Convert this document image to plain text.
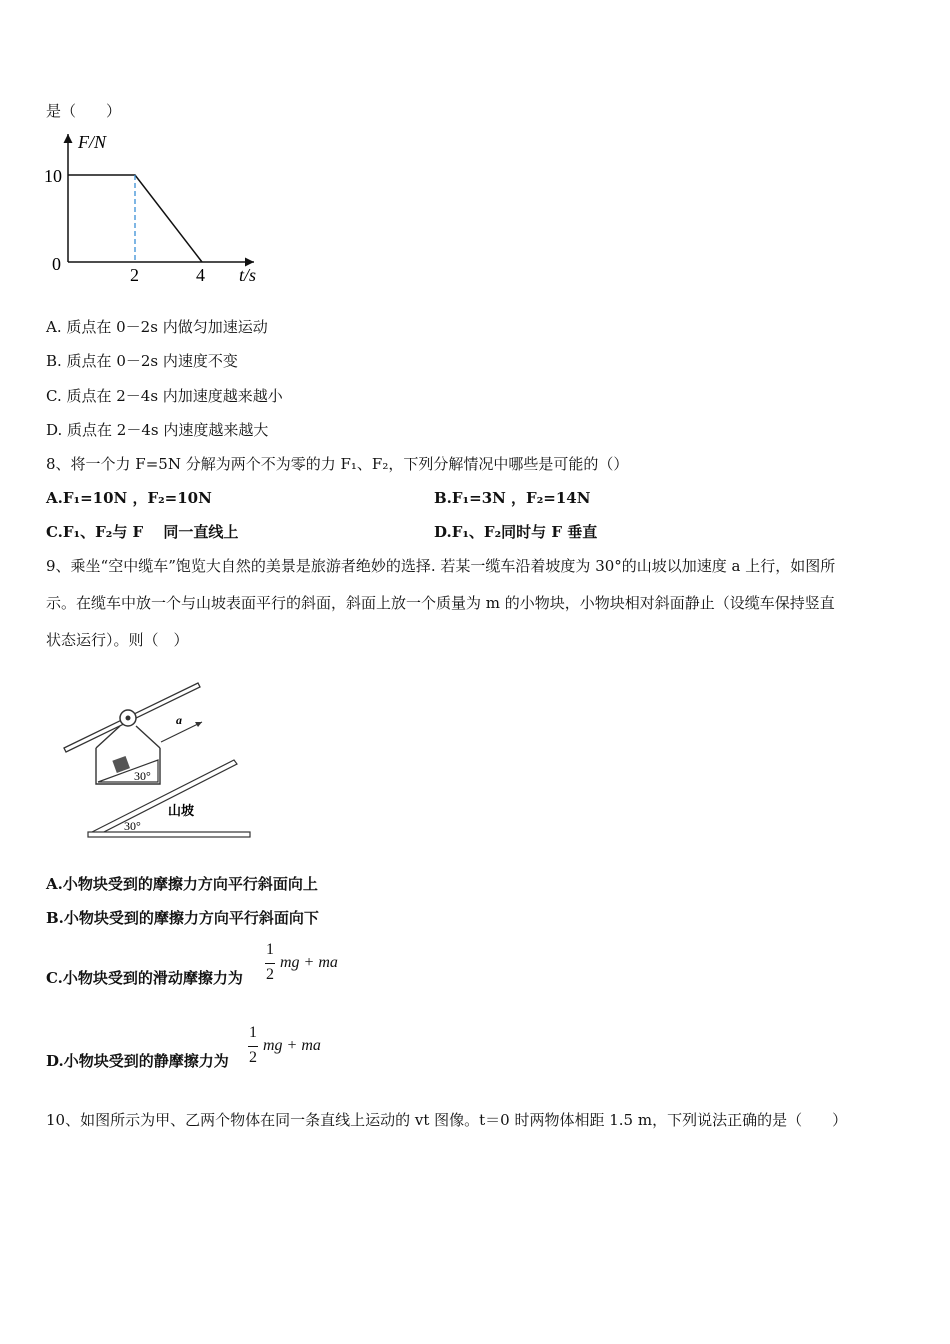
是（　　）
F/N
10
0
2	4 t/s
A. 质点在 0－2s 内做匀加速运动
B. 质点在 0－2s 内速度不变
C. 质点在 2－4s 内加速度越来越小
D. 质点在 2－4s 内速度越来越大
8、将一个力 F=5N 分解为两个不为零的力 F₁、F₂，下列分解情况中哪些是可能的（）
A.F₁=10N ，F₂=10N	B.F₁=3N ，F₂=14N
C.F₁、F₂与 F　 同一直线上	D.F₁、F₂同时与 F 垂直
9、乘坐“空中缆车”饱览大自然的美景是旅游者绝妙的选择. 若某一缆车沿着坡度为 30°的山坡以加速度 a 上行，如图所
示。在缆车中放一个与山坡表面平行的斜面，斜面上放一个质量为 m 的小物块，小物块相对斜面静止（设缆车保持竖直
状态运行）。则（　）
30°
a
30°
山坡
A.小物块受到的摩擦力方向平行斜面向上
B.小物块受到的摩擦力方向平行斜面向下
C.小物块受到的滑动摩擦力为
1
2
mg + ma
D.小物块受到的静摩擦力为
1
2
mg + ma
10、如图所示为甲、乙两个物体在同一条直线上运动的 vt 图像。t＝0 时两物体相距 1.5 m，下列说法正确的是（　　）
